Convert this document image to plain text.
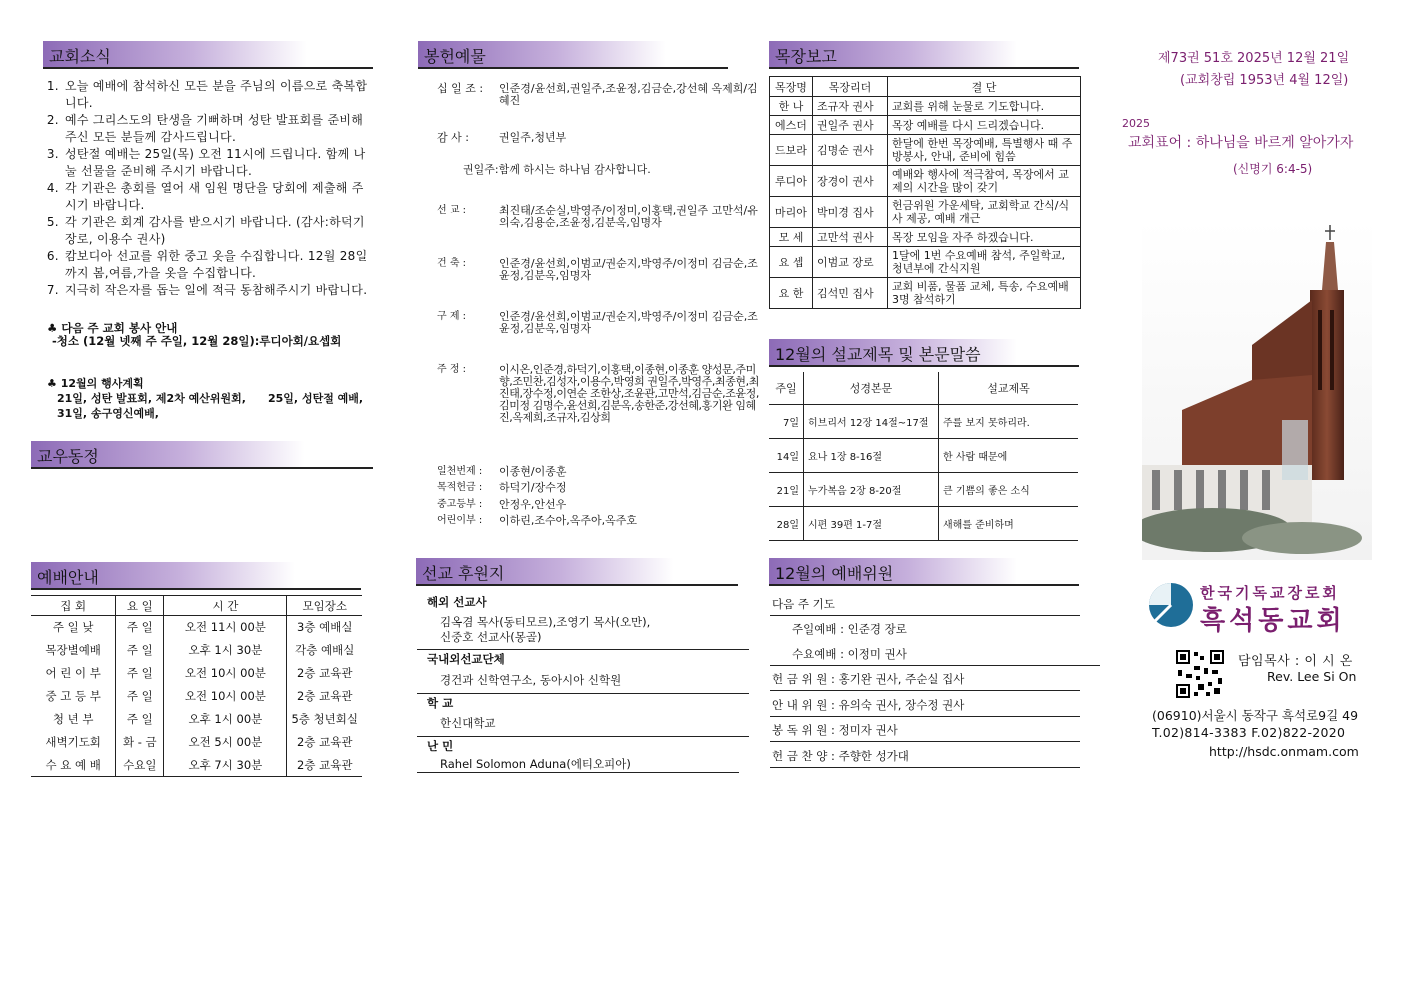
교회소식
1. 오늘 예배에 참석하신 모든 분을 주님의 이름으로 축복합니다.
2. 예수 그리스도의 탄생을 기뻐하며 성탄 발표회를 준비해 주신 모든 분들께 감사드립니다.
3. 성탄절 예배는 25일(목) 오전 11시에 드립니다. 함께 나눌 선물을 준비해 주시기 바랍니다.
4. 각 기관은 총회를 열어 새 임원 명단을 당회에 제출해 주시기 바랍니다.
5. 각 기관은 회계 감사를 받으시기 바랍니다. (감사:하덕기 장로, 이용수 권사)
6. 캄보디아 선교를 위한 중고 옷을 수집합니다. 12월 28일까지 봄,여름,가을 옷을 수집합니다.
7. 지극히 작은자를 돕는 일에 적극 동참해주시기 바랍니다.
♣ 다음 주 교회 봉사 안내
-청소 (12월 넷째 주 주일, 12월 28일):루디아회/요셉회
♣ 12월의 행사계획
21일, 성탄 발표회, 제2차 예산위원회, 25일, 성탄절 예배,
31일, 송구영신예배,
교우동정
예배안내
집 회	요 일	시 간	모임장소
주 일 낮	주 일	오전 11시 00분	3층 예배실
목장별예배	주 일	오후 1시 30분	각층 예배실
어 린 이 부	주 일	오전 10시 00분	2층 교육관
중 고 등 부	주 일	오전 10시 00분	2층 교육관
청 년 부	주 일	오후 1시 00분	5층 청년회실
새벽기도회	화 - 금	오전 5시 00분	2층 교육관
수 요 예 배	수요일	오후 7시 30분	2층 교육관
봉헌예물
십 일 조 :	인준경/윤선희,권일주,조윤정,김금순,강선혜 옥제희/김혜진
감 사 :	권일주,청년부
권일주:함께 하시는 하나님 감사합니다.
선 교 :	최진태/조순실,박영주/이정미,이홍택,권일주 고만석/유의숙,김용순,조윤정,김분옥,임명자
건 축 :	인준경/윤선희,이범교/권순지,박영주/이정미 김금순,조윤정,김분옥,임명자
구 제 :	인준경/윤선희,이범교/권순지,박영주/이정미 김금순,조윤정,김분옥,임명자
주 정 :	이시온,인준경,하덕기,이홍택,이종현,이종훈 양성문,주미향,조민찬,김성자,이용수,박영희 권일주,박영주,최종현,최진태,장수정,이연순 조한상,조윤관,고만석,김금순,조윤정,김미정 김명수,윤선희,김분옥,송한준,강선혜,홍기완 임혜진,옥제희,조규자,김상희
일천번제 :	이종현/이종훈
목적헌금 :	하덕기/장수정
중고등부 :	안정우,안선우
어린이부 :	이하린,조수아,옥주아,옥주호
선교 후원지
해외 선교사
김옥겸 목사(동티모르),조영기 목사(오만),
신중호 선교사(몽골)
국내외선교단체
경건과 신학연구소, 동아시아 신학원
학 교
한신대학교
난 민
Rahel Solomon Aduna(에티오피아)
목장보고
목장명	목장리더	결 단
한 나	조규자 권사	교회를 위해 눈물로 기도합니다.
에스더	권일주 권사	목장 예배를 다시 드리겠습니다.
드보라	김명순 권사	한달에 한번 목장예배, 특별행사 때 주방봉사, 안내, 준비에 힘씀
루디아	장경이 권사	예배와 행사에 적극참여, 목장에서 교제의 시간을 많이 갖기
마리아	박미경 집사	헌금위원 가운세탁, 교회학교 간식/식사 제공, 예배 개근
모 세	고만석 권사	목장 모임을 자주 하겠습니다.
요 셉	이범교 장로	1달에 1번 수요예배 참석, 주일학교, 청년부에 간식지원
요 한	김석민 집사	교회 비품, 물품 교체, 특송, 수요예배 3명 참석하기
12월의 설교제목 및 본문말씀
주일	성경본문	설교제목
7일	히브리서 12장 14절~17절	주를 보지 못하리라.
14일	요나 1장 8-16절	한 사람 때문에
21일	누가복음 2장 8-20절	큰 기쁨의 좋은 소식
28일	시편 39편 1-7절	새해를 준비하며
12월의 예배위원
다음 주 기도
주일예배 : 인준경 장로
수요예배 : 이정미 권사
헌 금 위 원 : 홍기완 권사, 주순실 집사
안 내 위 원 : 유의숙 권사, 장수정 권사
봉 독 위 원 : 정미자 권사
헌 금 찬 양 : 주향한 성가대
제73권 51호 2025년 12월 21일
(교회창립 1953년 4월 12일)
2025
교회표어 : 하나님을 바르게 알아가자
(신명기 6:4-5)
한국기독교장로회
흑석동교회
담임목사 : 이 시 온
Rev. Lee Si On
(06910)서울시 동작구 흑석로9길 49
T.02)814-3383 F.02)822-2020
http://hsdc.onmam.com
